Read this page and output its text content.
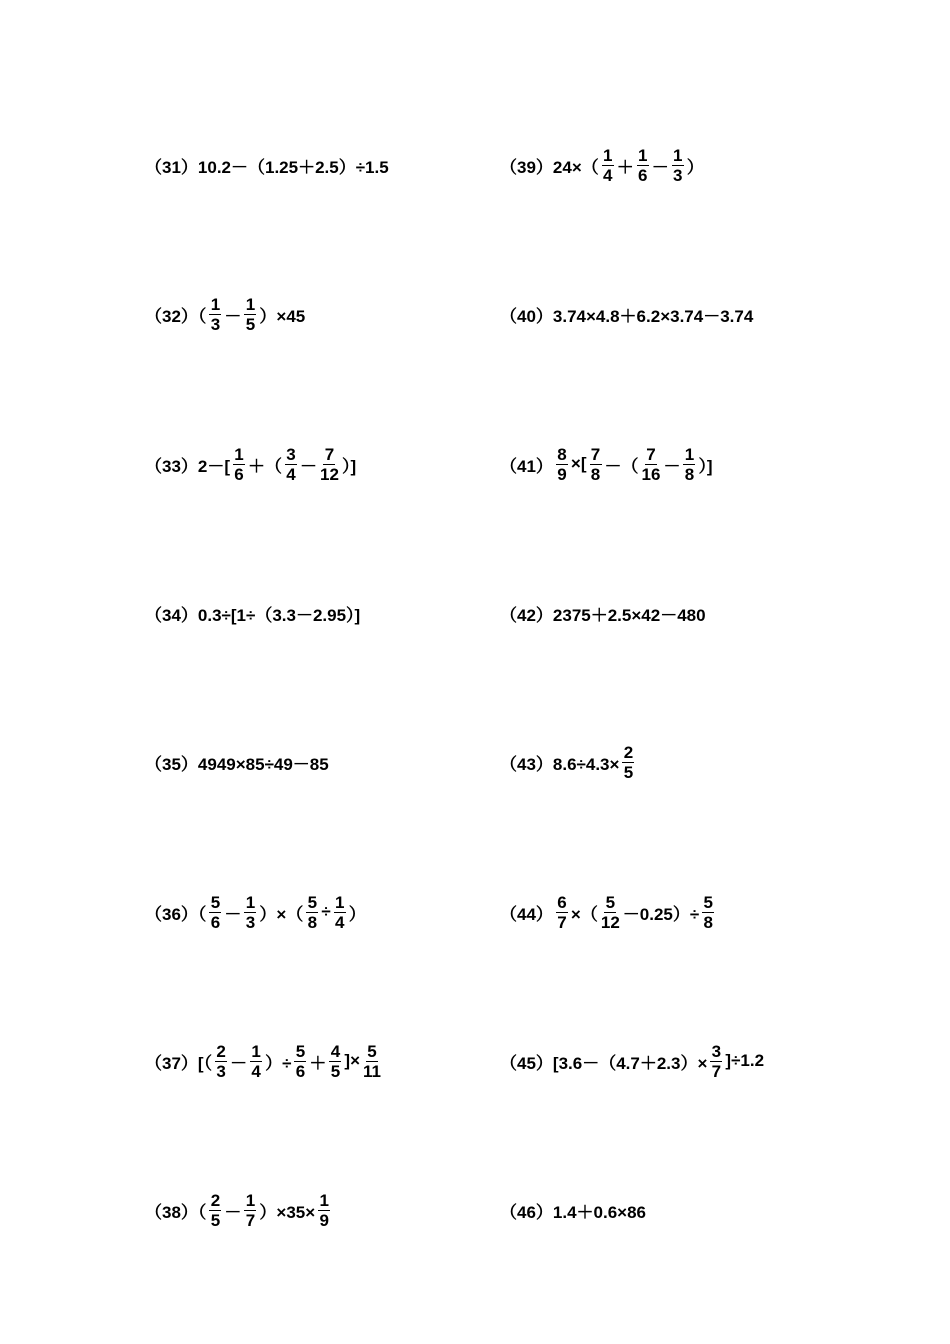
（31）10.2－（1.25＋2.5）÷1.5
$(32)( \frac{1}{3} - \frac{1}{5} )\times 45$
$(33)2-[ \frac{1}{6}$ ＋（ $\frac{3}{4} - \frac{7}{12}$ ）]
（34）0.3÷[1÷（3.3－2.95）]
（35）4949×85÷49－85
$(36)( \frac{5}{6} - \frac{1}{3}$ ）×（ $\frac{5}{8} \div \frac{1}{4}$ ）
$(37)[( \frac{2}{3} - \frac{1}{4}$ ）÷ $\frac{5}{6} + \frac{4}{5}$ ]× $\frac{5}{11}$
$(38)( \frac{2}{5} - \frac{1}{7} )\times 35\times \frac{1}{9}$
$(39)24\times( \frac{1}{4} + \frac{1}{6} - \frac{1}{3}$ ）
（40）3.74×4.8＋6.2×3.74－3.74
$(41) \frac{8}{9}$ ×[ $\frac{7}{8}$ －（ $\frac{7}{16} - \frac{1}{8}$ ）]
（42）2375＋2.5×42－480
$(43)8.6\div 4.3\times \frac{2}{5}$
$(44) \frac{6}{7}$ ×（ $\frac{5}{12} -0.25)\div \frac{5}{8}$
$(45)[3.6-(4.7+2.3)\times \frac{3}{7} ]\div 1.2$
（46）1.4＋0.6×86
